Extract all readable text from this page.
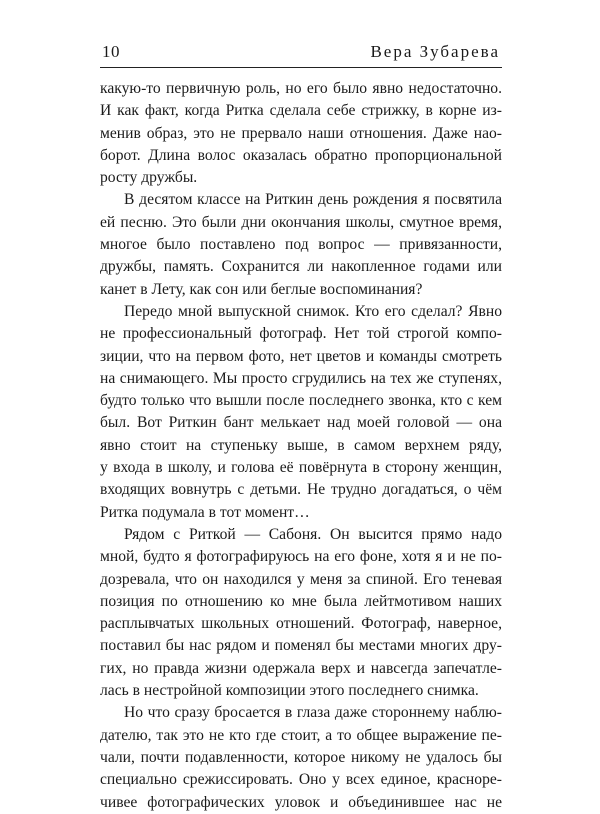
10	Вера Зубарева
какую-то первичную роль, но его было явно недостаточно.
И как факт, когда Ритка сделала себе стрижку, в корне из-
менив образ, это не прервало наши отношения. Даже нао-
борот. Длина волос оказалась обратно пропорциональной
росту дружбы.
В десятом классе на Риткин день рождения я посвятила
ей песню. Это были дни окончания школы, смутное время,
многое было поставлено под вопрос — привязанности,
дружбы, память. Сохранится ли накопленное годами или
канет в Лету, как сон или беглые воспоминания?
Передо мной выпускной снимок. Кто его сделал? Явно
не профессиональный фотограф. Нет той строгой компо-
зиции, что на первом фото, нет цветов и команды смотреть
на снимающего. Мы просто сгрудились на тех же ступенях,
будто только что вышли после последнего звонка, кто с кем
был. Вот Риткин бант мелькает над моей головой — она
явно стоит на ступеньку выше, в самом верхнем ряду,
у входа в школу, и голова её повёрнута в сторону женщин,
входящих вовнутрь с детьми. Не трудно догадаться, о чём
Ритка подумала в тот момент…
Рядом с Риткой — Сабоня. Он высится прямо надо
мной, будто я фотографируюсь на его фоне, хотя я и не по-
дозревала, что он находился у меня за спиной. Его теневая
позиция по отношению ко мне была лейтмотивом наших
расплывчатых школьных отношений. Фотограф, наверное,
поставил бы нас рядом и поменял бы местами многих дру-
гих, но правда жизни одержала верх и навсегда запечатле-
лась в нестройной композиции этого последнего снимка.
Но что сразу бросается в глаза даже стороннему наблю-
дателю, так это не кто где стоит, а то общее выражение пе-
чали, почти подавленности, которое никому не удалось бы
специально срежиссировать. Оно у всех единое, красноре-
чивее фотографических уловок и объединившее нас не
